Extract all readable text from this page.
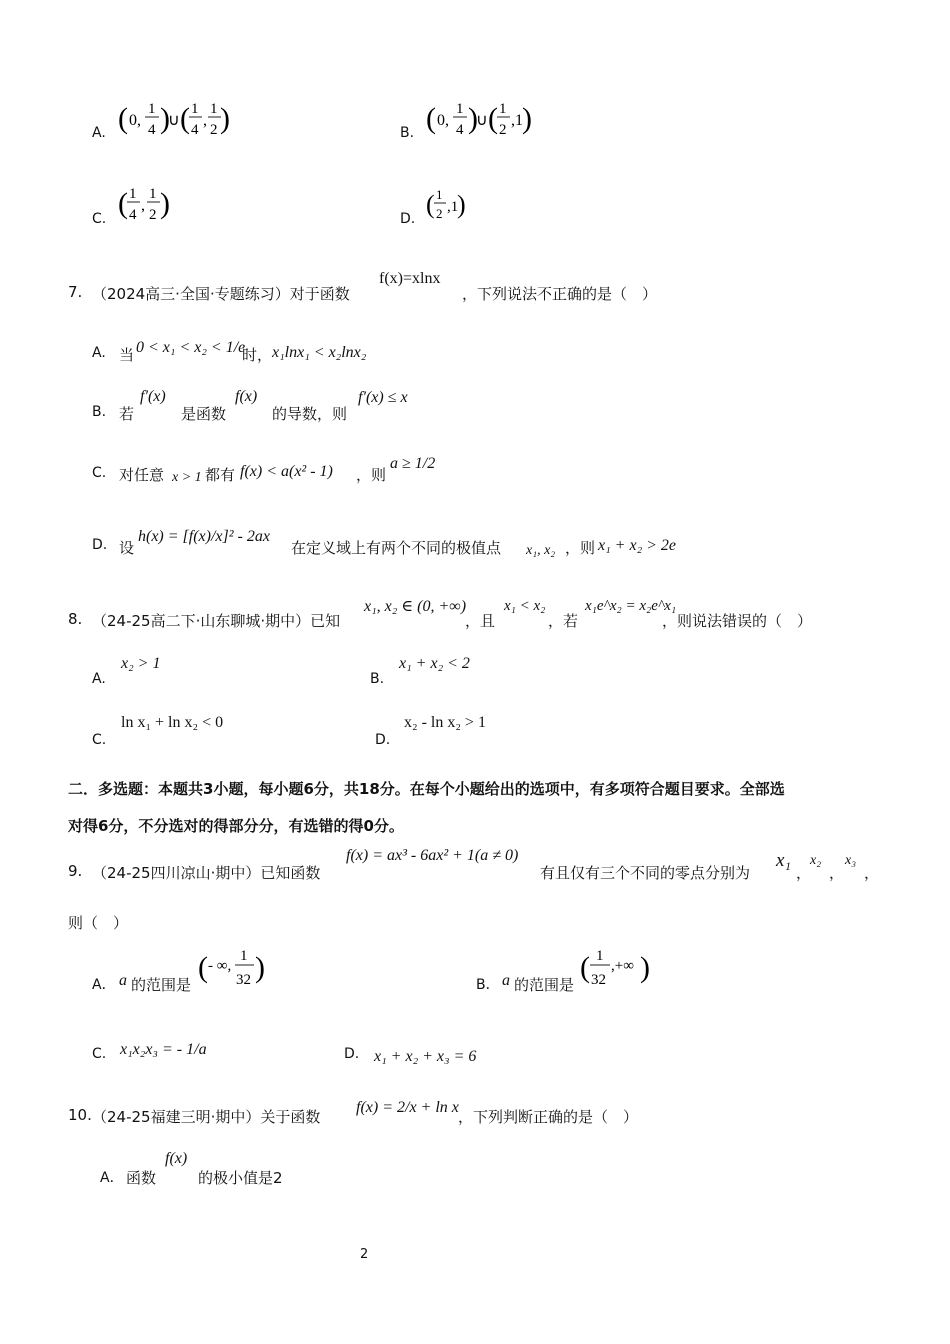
A. ( 0,
1
4 )
∪ ( 1
4
,
1
2 )	B. ( 0,
1
4 )
∪ ( 1
2
,1 )
C. ( 1
4
,
1
2 )	D. ( 1
2 ,1
)
7. （2024高三·全国·专题练习）对于函数
f(x)=xlnx
，下列说法不正确的是（　）
A. 当 0 < x₁ < x₂ < 1/e
时， x₁lnx₁ < x₂lnx₂
B. 若
f′(x)
是函数
f(x)
的导数，则
f′(x) ≤ x
C. 对任意 x > 1 都有 f(x) < a(x² - 1) ，则
a ≥ 1/2
D. 设
h(x) = [f(x)/x]² - 2ax
在定义域上有两个不同的极值点 x₁, x₂ ，则 x₁ + x₂ > 2e
8. （24-25高二下·山东聊城·期中）已知
x₁, x₂ ∈ (0, +∞)
，且
x₁ < x₂
，若
x₁e^x₂ = x₂e^x₁
，则说法错误的（　）
A.
x₂ > 1
B.
x₁ + x₂ < 2
C.
ln x₁ + ln x₂ < 0
D.
x₂ - ln x₂ > 1
二．多选题：本题共3小题，每小题6分，共18分。在每个小题给出的选项中，有多项符合题目要求。全部选
对得6分，不分选对的得部分分，有选错的得0分。
9. （24-25四川凉山·期中）已知函数
f(x) = ax³ - 6ax² + 1(a ≠ 0)
有且仅有三个不同的零点分别为
x₁
，
x₂
，
x₃
，
则（　）
A． a 的范围是
( - ∞,
1
32 )
B． a 的范围是
( 1
32
,+∞ )
C. x₁x₂x₃ = - 1/a	D. x₁ + x₂ + x₃ = 6
10. （24-25福建三明·期中）关于函数
f(x) = 2/x + ln x
，下列判断正确的是（　）
A． 函数
f(x)
的极小值是2
2
